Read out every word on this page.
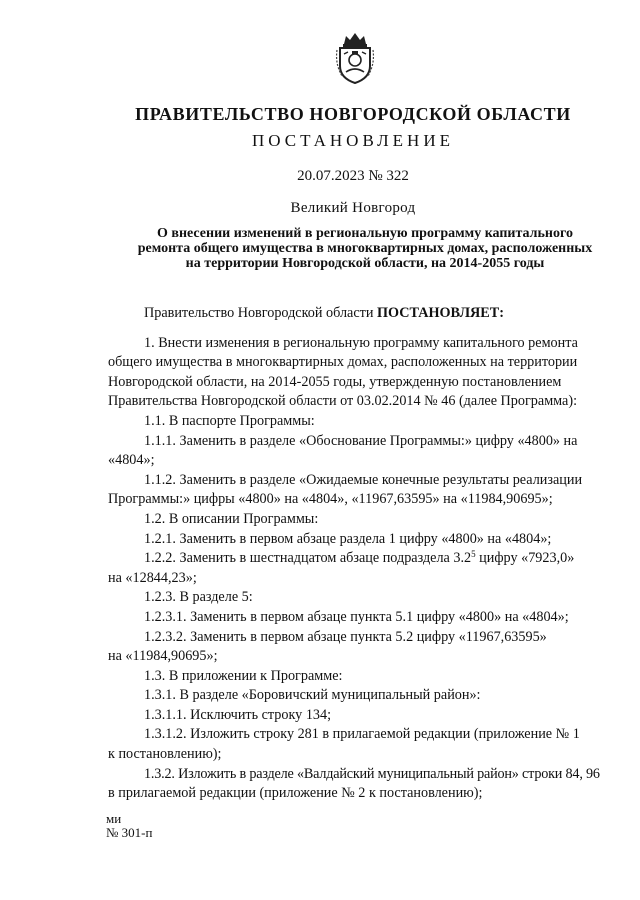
ПРАВИТЕЛЬСТВО НОВГОРОДСКОЙ ОБЛАСТИ
ПОСТАНОВЛЕНИЕ
20.07.2023 № 322
Великий Новгород
О внесении изменений в региональную программу капитального
ремонта общего имущества в многоквартирных домах, расположенных
на территории Новгородской области, на 2014-2055 годы
Правительство Новгородской области ПОСТАНОВЛЯЕТ:
1. Внести изменения в региональную программу капитального ремонта
общего имущества в многоквартирных домах, расположенных на территории
Новгородской области, на 2014-2055 годы, утвержденную постановлением
Правительства Новгородской области от 03.02.2014 № 46 (далее Программа):
1.1. В паспорте Программы:
1.1.1. Заменить в разделе «Обоснование Программы:» цифру «4800» на
«4804»;
1.1.2. Заменить в разделе «Ожидаемые конечные результаты реализации
Программы:» цифры «4800» на «4804», «11967,63595» на «11984,90695»;
1.2. В описании Программы:
1.2.1. Заменить в первом абзаце раздела 1 цифру «4800» на «4804»;
1.2.2. Заменить в шестнадцатом абзаце подраздела $3.2^5$ цифру «7923,0»
на «12844,23»;
1.2.3. В разделе 5:
1.2.3.1. Заменить в первом абзаце пункта 5.1 цифру «4800» на «4804»;
1.2.3.2. Заменить в первом абзаце пункта 5.2 цифру «11967,63595»
на «11984,90695»;
1.3. В приложении к Программе:
1.3.1. В разделе «Боровичский муниципальный район»:
1.3.1.1. Исключить строку 134;
1.3.1.2. Изложить строку 281 в прилагаемой редакции (приложение № 1
к постановлению);
1.3.2. Изложить в разделе «Валдайский муниципальный район» строки 84, 96
в прилагаемой редакции (приложение № 2 к постановлению);
ми
№ 301-п
